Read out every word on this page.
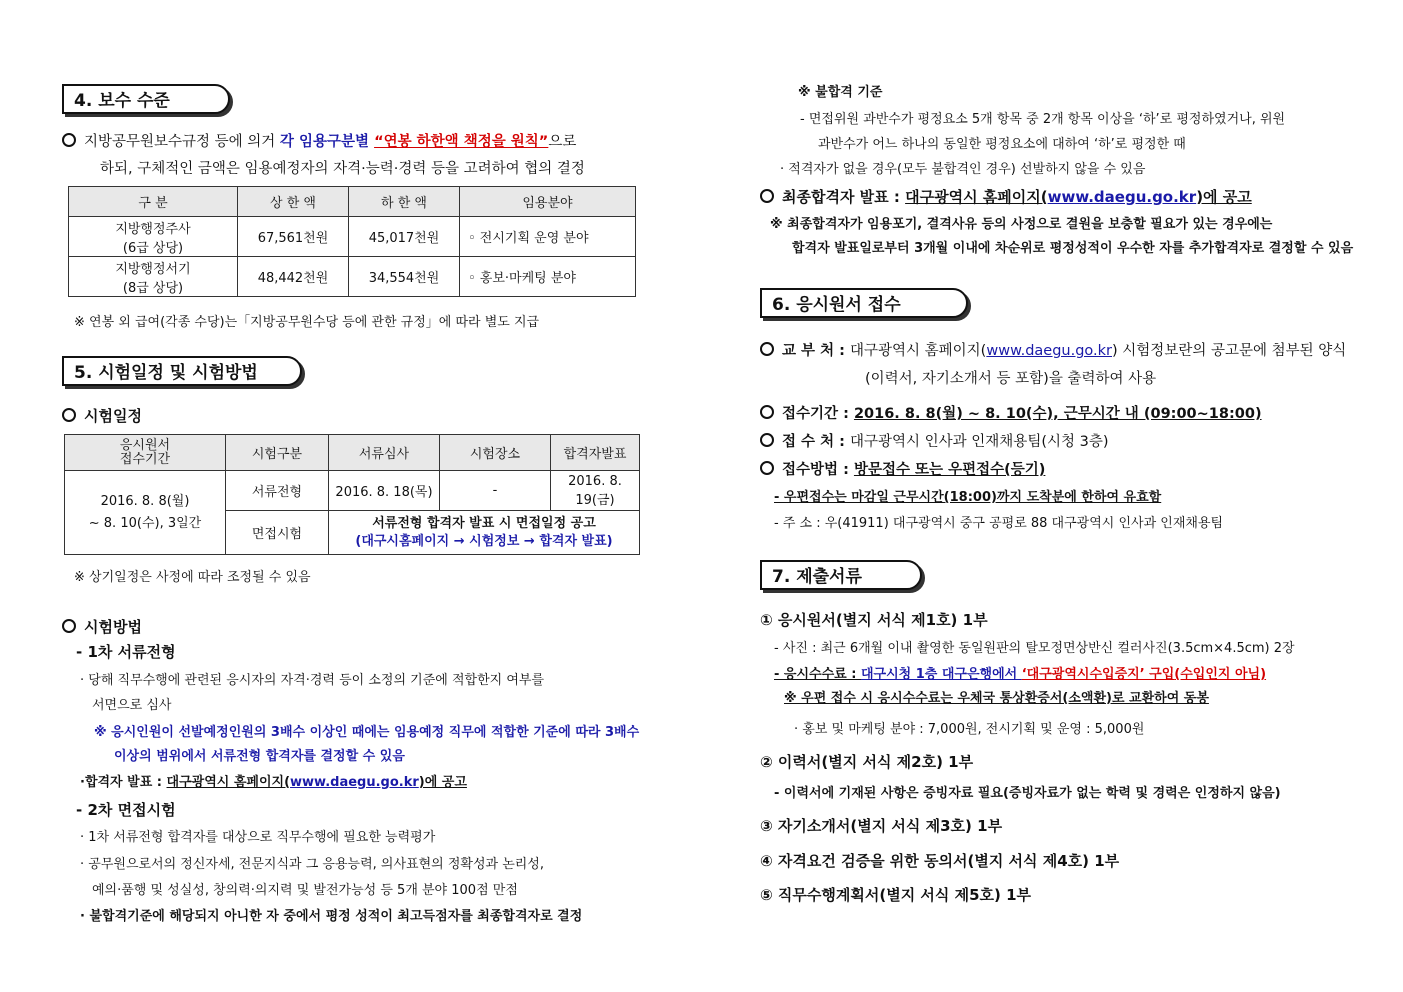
4. 보수 수준
지방공무원보수규정 등에 의거 각 임용구분별 “연봉 하한액 책정을 원칙”으로
하되, 구체적인 금액은 임용예정자의 자격·능력·경력 등을 고려하여 협의 결정
구 분	상 한 액	하 한 액	임용분야

지방행정주사
(6급 상당)	67,561천원	45,017천원	◦ 전시기획 운영 분야

지방행정서기
(8급 상당)	48,442천원	34,554천원	◦ 홍보·마케팅 분야
※ 연봉 외 급여(각종 수당)는「지방공무원수당 등에 관한 규정」에 따라 별도 지급
5. 시험일정 및 시험방법
시험일정
응시원서
접수기간	시험구분	서류심사	시험장소	합격자발표

2016. 8. 8(월)
~ 8. 10(수), 3일간	서류전형	2016. 8. 18(목)	-	2016. 8. 19(금)
	면접시험	서류전형 합격자 발표 시 면접일정 공고
(대구시홈페이지 → 시험정보 → 합격자 발표)		
※ 상기일정은 사정에 따라 조정될 수 있음
시험방법
- 1차 서류전형
· 당해 직무수행에 관련된 응시자의 자격·경력 등이 소정의 기준에 적합한지 여부를
서면으로 심사
※ 응시인원이 선발예정인원의 3배수 이상인 때에는 임용예정 직무에 적합한 기준에 따라 3배수
이상의 범위에서 서류전형 합격자를 결정할 수 있음
·합격자 발표 : 대구광역시 홈페이지(www.daegu.go.kr)에 공고
- 2차 면접시험
· 1차 서류전형 합격자를 대상으로 직무수행에 필요한 능력평가
· 공무원으로서의 정신자세, 전문지식과 그 응용능력, 의사표현의 정확성과 논리성,
예의·품행 및 성실성, 창의력·의지력 및 발전가능성 등 5개 분야 100점 만점
· 불합격기준에 해당되지 아니한 자 중에서 평정 성적이 최고득점자를 최종합격자로 결정
※ 불합격 기준
- 면접위원 과반수가 평정요소 5개 항목 중 2개 항목 이상을 ‘하’로 평정하였거나, 위원
과반수가 어느 하나의 동일한 평정요소에 대하여 ‘하’로 평정한 때
· 적격자가 없을 경우(모두 불합격인 경우) 선발하지 않을 수 있음
최종합격자 발표 : 대구광역시 홈페이지(www.daegu.go.kr)에 공고
※ 최종합격자가 임용포기, 결격사유 등의 사정으로 결원을 보충할 필요가 있는 경우에는
합격자 발표일로부터 3개월 이내에 차순위로 평정성적이 우수한 자를 추가합격자로 결정할 수 있음
6. 응시원서 접수
교 부 처 : 대구광역시 홈페이지(www.daegu.go.kr) 시험정보란의 공고문에 첨부된 양식
(이력서, 자기소개서 등 포함)을 출력하여 사용
접수기간 : 2016. 8. 8(월) ~ 8. 10(수), 근무시간 내 (09:00~18:00)
접 수 처 : 대구광역시 인사과 인재채용팀(시청 3층)
접수방법 : 방문접수 또는 우편접수(등기)
- 우편접수는 마감일 근무시간(18:00)까지 도착분에 한하여 유효함
- 주 소 : 우(41911) 대구광역시 중구 공평로 88 대구광역시 인사과 인재채용팀
7. 제출서류
① 응시원서(별지 서식 제1호) 1부
- 사진 : 최근 6개월 이내 촬영한 동일원판의 탈모정면상반신 컬러사진(3.5cm×4.5cm) 2장
- 응시수수료 : 대구시청 1층 대구은행에서 ‘대구광역시수입증지’ 구입(수입인지 아님)
※ 우편 접수 시 응시수수료는 우체국 통상환증서(소액환)로 교환하여 동봉
· 홍보 및 마케팅 분야 : 7,000원, 전시기획 및 운영 : 5,000원
② 이력서(별지 서식 제2호) 1부
- 이력서에 기재된 사항은 증빙자료 필요(증빙자료가 없는 학력 및 경력은 인정하지 않음)
③ 자기소개서(별지 서식 제3호) 1부
④ 자격요건 검증을 위한 동의서(별지 서식 제4호) 1부
⑤ 직무수행계획서(별지 서식 제5호) 1부
